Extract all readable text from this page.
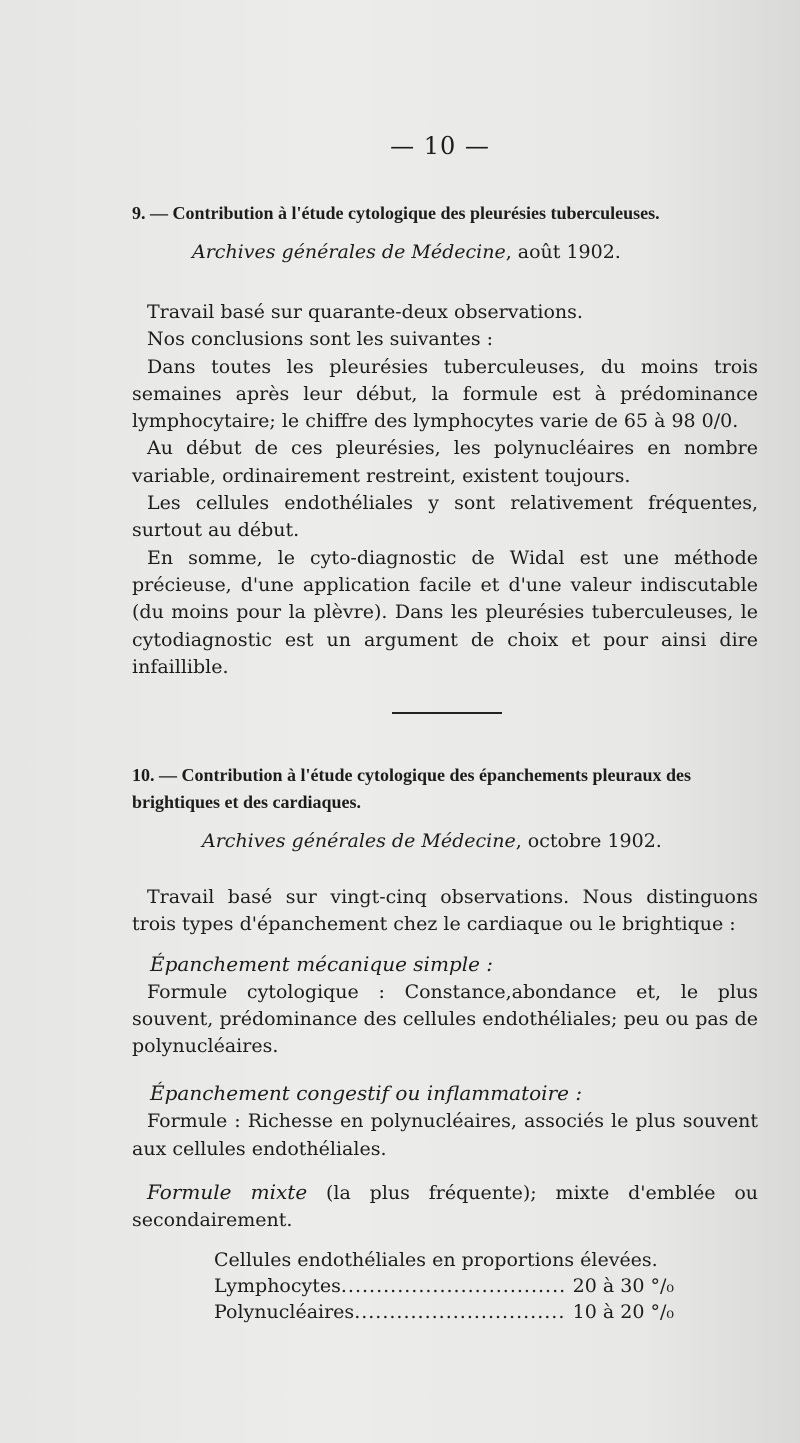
— 10 —
9. — Contribution à l'étude cytologique des pleurésies tuberculeuses.
Archives générales de Médecine, août 1902.
Travail basé sur quarante-deux observations.
Nos conclusions sont les suivantes :
Dans toutes les pleurésies tuberculeuses, du moins trois semaines après leur début, la formule est à prédominance lymphocytaire; le chiffre des lymphocytes varie de 65 à 98 0/0.
Au début de ces pleurésies, les polynucléaires en nombre variable, ordinairement restreint, existent toujours.
Les cellules endothéliales y sont relativement fréquentes, surtout au début.
En somme, le cyto-diagnostic de Widal est une méthode précieuse, d'une application facile et d'une valeur indiscutable (du moins pour la plèvre). Dans les pleurésies tuberculeuses, le cytodiagnostic est un argument de choix et pour ainsi dire infaillible.
10. — Contribution à l'étude cytologique des épanchements pleuraux des brightiques et des cardiaques.
Archives générales de Médecine, octobre 1902.
Travail basé sur vingt-cinq observations. Nous distinguons trois types d'épanchement chez le cardiaque ou le brightique :
Épanchement mécanique simple :
Formule cytologique : Constance,abondance et, le plus souvent, prédominance des cellules endothéliales; peu ou pas de polynucléaires.
Épanchement congestif ou inflammatoire :
Formule : Richesse en polynucléaires, associés le plus souvent aux cellules endothéliales.
Formule mixte (la plus fréquente); mixte d'emblée ou secondairement.
Cellules endothéliales en proportions élevées.
Lymphocytes .....	20 à 30 °/₀
Polynucléaires .....	10 à 20 °/₀
